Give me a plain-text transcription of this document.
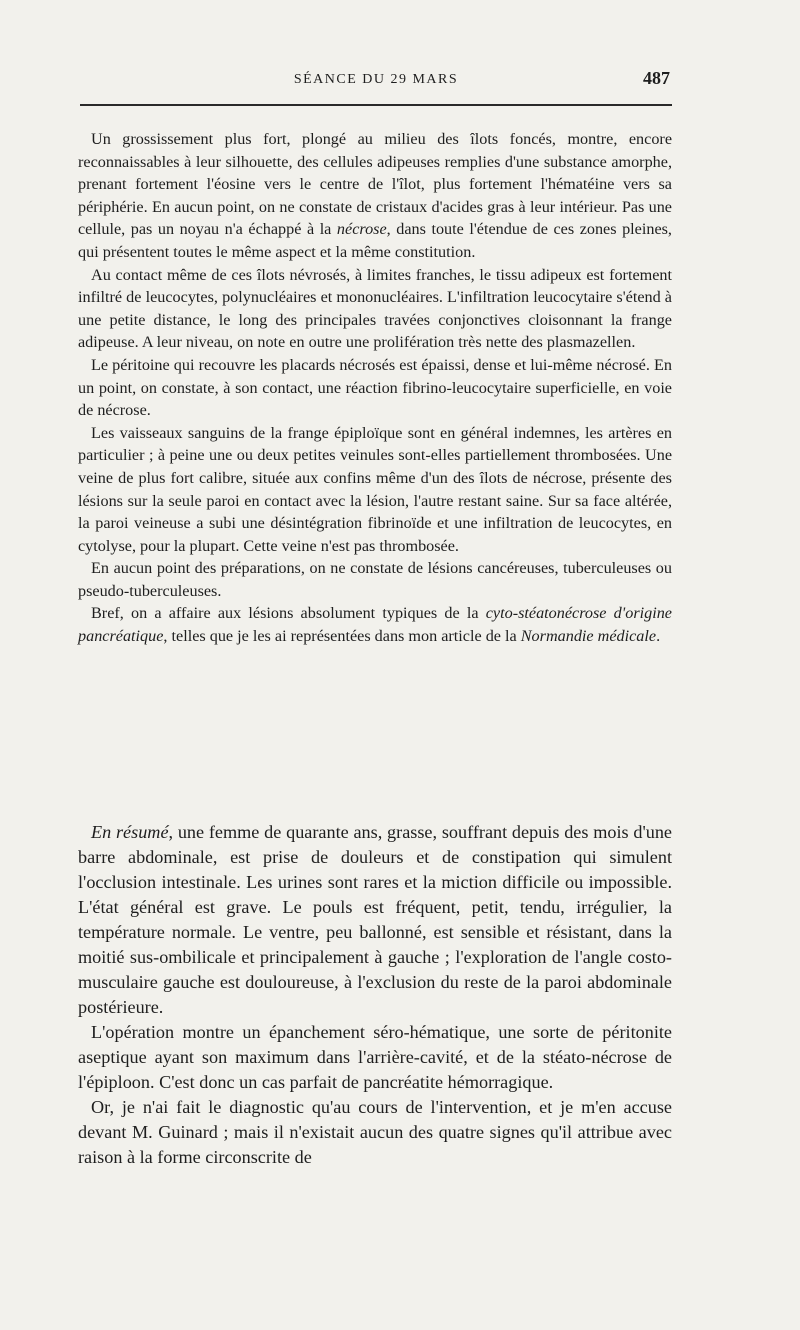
SÉANCE DU 29 MARS	487

Un grossissement plus fort, plongé au milieu des îlots foncés, montre, encore reconnaissables à leur silhouette, des cellules adipeuses remplies d'une substance amorphe, prenant fortement l'éosine vers le centre de l'îlot, plus fortement l'hématéine vers sa périphérie. En aucun point, on ne constate de cristaux d'acides gras à leur intérieur. Pas une cellule, pas un noyau n'a échappé à la nécrose, dans toute l'étendue de ces zones pleines, qui présentent toutes le même aspect et la même constitution.

Au contact même de ces îlots névrosés, à limites franches, le tissu adipeux est fortement infiltré de leucocytes, polynucléaires et mononucléaires. L'infiltration leucocytaire s'étend à une petite distance, le long des principales travées conjonctives cloisonnant la frange adipeuse. A leur niveau, on note en outre une prolifération très nette des plasmazellen.

Le péritoine qui recouvre les placards nécrosés est épaissi, dense et lui-même nécrosé. En un point, on constate, à son contact, une réaction fibrino-leucocytaire superficielle, en voie de nécrose.

Les vaisseaux sanguins de la frange épiploïque sont en général indemnes, les artères en particulier ; à peine une ou deux petites veinules sont-elles partiellement thrombosées. Une veine de plus fort calibre, située aux confins même d'un des îlots de nécrose, présente des lésions sur la seule paroi en contact avec la lésion, l'autre restant saine. Sur sa face altérée, la paroi veineuse a subi une désintégration fibrinoïde et une infiltration de leucocytes, en cytolyse, pour la plupart. Cette veine n'est pas thrombosée.

En aucun point des préparations, on ne constate de lésions cancéreuses, tuberculeuses ou pseudo-tuberculeuses.

Bref, on a affaire aux lésions absolument typiques de la cyto-stéatonécrose d'origine pancréatique, telles que je les ai représentées dans mon article de la Normandie médicale.

En résumé, une femme de quarante ans, grasse, souffrant depuis des mois d'une barre abdominale, est prise de douleurs et de constipation qui simulent l'occlusion intestinale. Les urines sont rares et la miction difficile ou impossible. L'état général est grave. Le pouls est fréquent, petit, tendu, irrégulier, la température normale. Le ventre, peu ballonné, est sensible et résistant, dans la moitié sus-ombilicale et principalement à gauche ; l'exploration de l'angle costo-musculaire gauche est douloureuse, à l'exclusion du reste de la paroi abdominale postérieure.

L'opération montre un épanchement séro-hématique, une sorte de péritonite aseptique ayant son maximum dans l'arrière-cavité, et de la stéato-nécrose de l'épiploon. C'est donc un cas parfait de pancréatite hémorragique.

Or, je n'ai fait le diagnostic qu'au cours de l'intervention, et je m'en accuse devant M. Guinard ; mais il n'existait aucun des quatre signes qu'il attribue avec raison à la forme circonscrite de
